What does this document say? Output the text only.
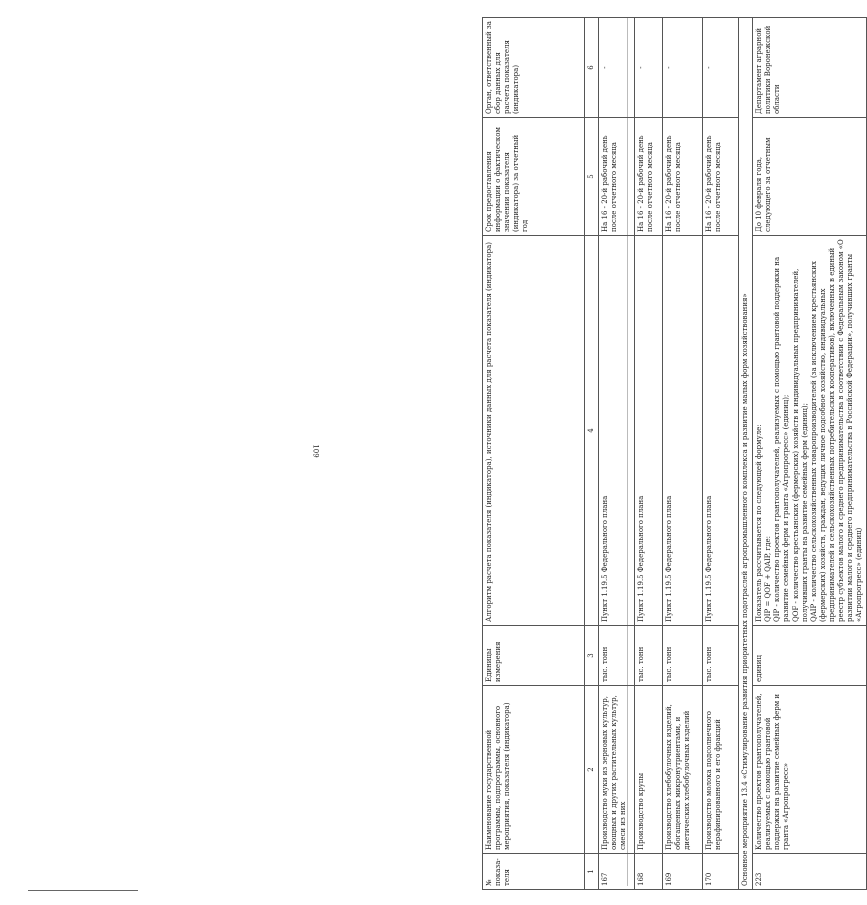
109
№ показа-теля	Наименование государственной программы, подпрограммы, основного мероприятия, показателя (индикатора)	Единицы измерения	Алгоритм расчета показателя (индикатора), источники данных для расчета показателя (индикатора)	Срок предоставления информации о фактическом значении показателя (индикатора) за отчетный год	Орган, ответственный за сбор данных для расчета показателя (индикатора)
1	2	3	4	5	6
167	Производство муки из зерновых культур, овощных и других растительных культур, смеси из них	тыс. тонн	Пункт 1.19.5 Федерального плана	На 16 - 20-й рабочий день после отчетного месяца	-
168	Производство крупы	тыс. тонн	Пункт 1.19.5 Федерального плана	На 16 - 20-й рабочий день после отчетного месяца	-
169	Производство хлебобулочных изделий, обогащенных микронутриентами, и диетических хлебобулочных изделий	тыс. тонн	Пункт 1.19.5 Федерального плана	На 16 - 20-й рабочий день после отчетного месяца	-
170	Производство молока подсолнечного нерафинированного и его фракций	тыс. тонн	Пункт 1.19.5 Федерального плана	На 16 - 20-й рабочий день после отчетного месяца	-
Основное мероприятие 13.4 «Стимулирование развития приоритетных подотраслей агропромышленного комплекса и развитие малых форм хозяйствования»					
223	Количество проектов грантополучателей, реализуемых с помощью грантовой поддержки на развитие семейных ферм и гранта «Агропрогресс»	единиц	Показатель рассчитывается по следующей формуле: QIP = QOF + QAIP, где: QIP - количество проектов грантополучателей, реализуемых с помощью грантовой поддержки на развитие семейных ферм и гранта «Агропрогресс» (единиц); QOF - количество крестьянских (фермерских) хозяйств и индивидуальных предпринимателей, получивших гранты на развитие семейных ферм (единиц); QAIP - количество сельскохозяйственных товаропроизводителей (за исключением крестьянских (фермерских) хозяйств, граждан, ведущих личное подсобное хозяйство, индивидуальных предпринимателей и сельскохозяйственных потребительских кооперативов), включенных в единый реестр субъектов малого и среднего предпринимательства в соответствии с Федеральным законом «О развитии малого и среднего предпринимательства в Российской Федерации», получивших гранты «Агропрогресс» (единиц)	До 10 февраля года, следующего за отчетным	Департамент аграрной политики Воронежской области
